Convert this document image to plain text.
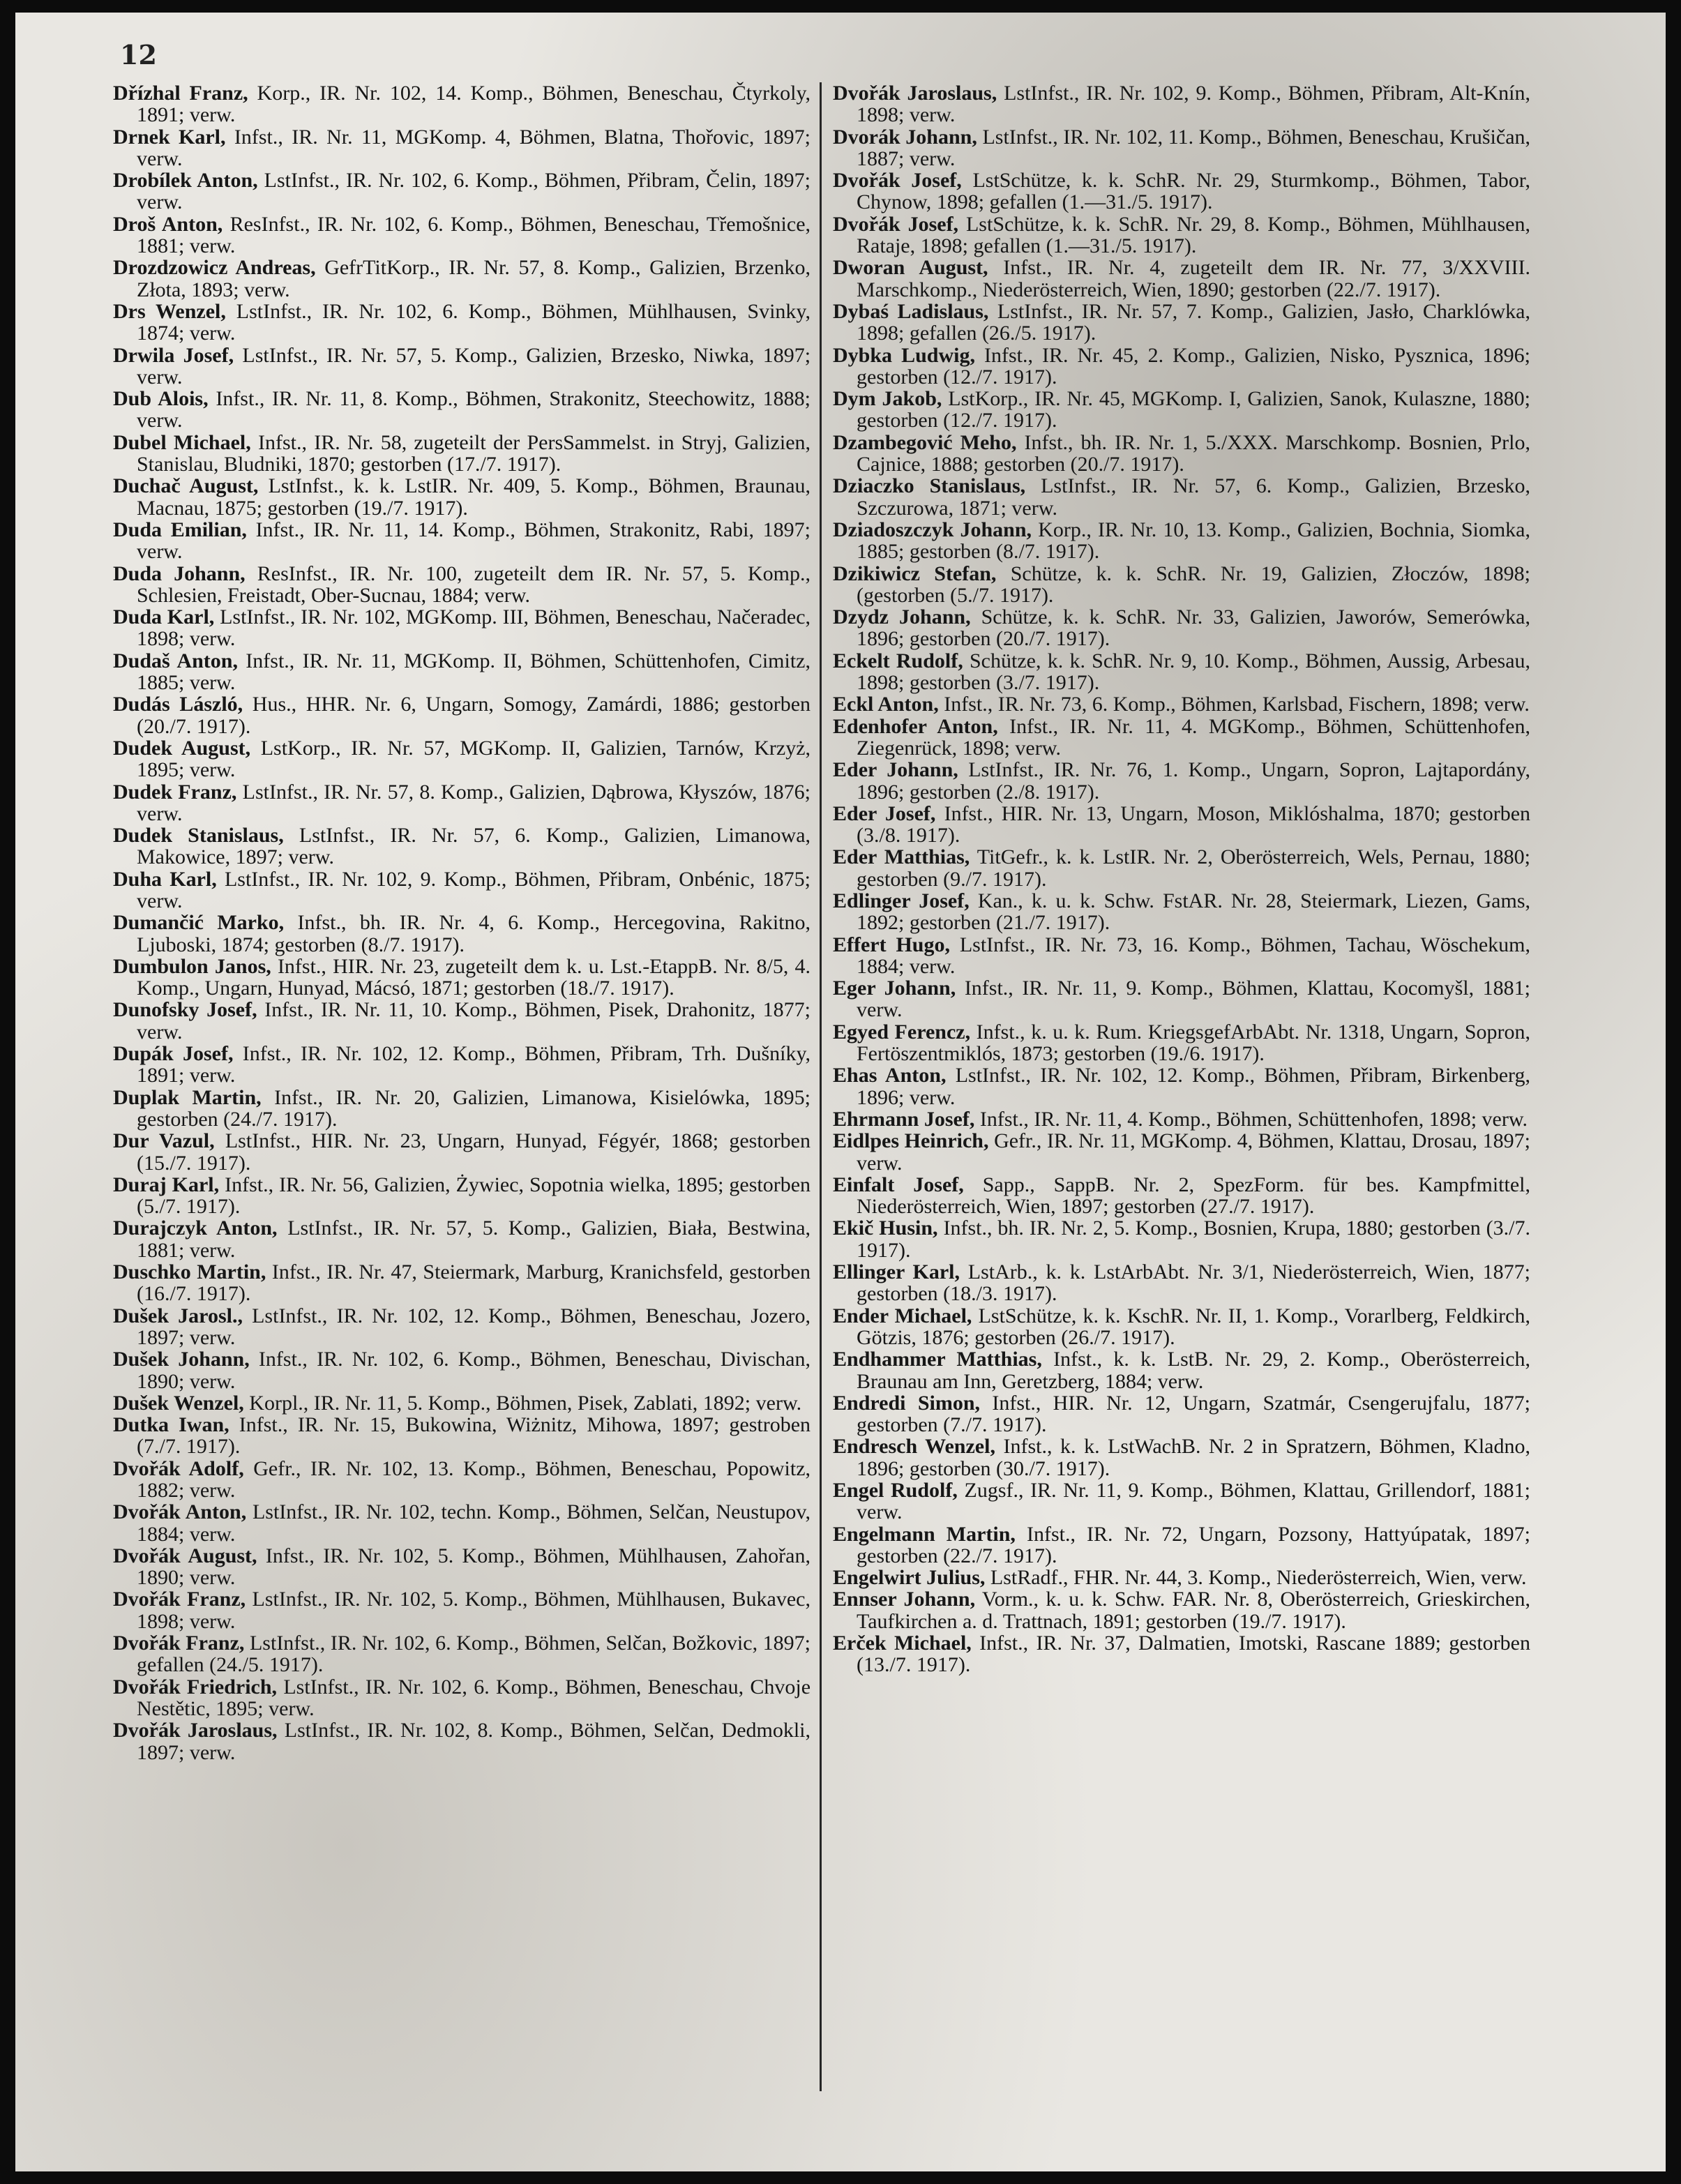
12

Dřízhal Franz, Korp., IR. Nr. 102, 14. Komp., Böhmen, Beneschau, Čtyrkoly, 1891; verw.

Drnek Karl, Infst., IR. Nr. 11, MGKomp. 4, Böhmen, Blatna, Thořovic, 1897; verw.

Drobílek Anton, LstInfst., IR. Nr. 102, 6. Komp., Böhmen, Přibram, Čelin, 1897; verw.

Droš Anton, ResInfst., IR. Nr. 102, 6. Komp., Böhmen, Beneschau, Třemošnice, 1881; verw.

Drozdzowicz Andreas, GefrTitKorp., IR. Nr. 57, 8. Komp., Galizien, Brzenko, Złota, 1893; verw.

Drs Wenzel, LstInfst., IR. Nr. 102, 6. Komp., Böhmen, Mühlhausen, Svinky, 1874; verw.

Drwila Josef, LstInfst., IR. Nr. 57, 5. Komp., Galizien, Brzesko, Niwka, 1897; verw.

Dub Alois, Infst., IR. Nr. 11, 8. Komp., Böhmen, Strakonitz, Steechowitz, 1888; verw.

Dubel Michael, Infst., IR. Nr. 58, zugeteilt der PersSammelst. in Stryj, Galizien, Stanislau, Bludniki, 1870; gestorben (17./7. 1917).

Duchač August, LstInfst., k. k. LstIR. Nr. 409, 5. Komp., Böhmen, Braunau, Macnau, 1875; gestorben (19./7. 1917).

Duda Emilian, Infst., IR. Nr. 11, 14. Komp., Böhmen, Strakonitz, Rabi, 1897; verw.

Duda Johann, ResInfst., IR. Nr. 100, zugeteilt dem IR. Nr. 57, 5. Komp., Schlesien, Freistadt, Ober-Sucnau, 1884; verw.

Duda Karl, LstInfst., IR. Nr. 102, MGKomp. III, Böhmen, Beneschau, Načeradec, 1898; verw.

Dudaš Anton, Infst., IR. Nr. 11, MGKomp. II, Böhmen, Schüttenhofen, Cimitz, 1885; verw.

Dudás László, Hus., HHR. Nr. 6, Ungarn, Somogy, Zamárdi, 1886; gestorben (20./7. 1917).

Dudek August, LstKorp., IR. Nr. 57, MGKomp. II, Galizien, Tarnów, Krzyż, 1895; verw.

Dudek Franz, LstInfst., IR. Nr. 57, 8. Komp., Galizien, Dąbrowa, Kłyszów, 1876; verw.

Dudek Stanislaus, LstInfst., IR. Nr. 57, 6. Komp., Galizien, Limanowa, Makowice, 1897; verw.

Duha Karl, LstInfst., IR. Nr. 102, 9. Komp., Böhmen, Přibram, Onbénic, 1875; verw.

Dumančić Marko, Infst., bh. IR. Nr. 4, 6. Komp., Hercegovina, Rakitno, Ljuboski, 1874; gestorben (8./7. 1917).

Dumbulon Janos, Infst., HIR. Nr. 23, zugeteilt dem k. u. Lst.-EtappB. Nr. 8/5, 4. Komp., Ungarn, Hunyad, Mácsó, 1871; gestorben (18./7. 1917).

Dunofsky Josef, Infst., IR. Nr. 11, 10. Komp., Böhmen, Pisek, Drahonitz, 1877; verw.

Dupák Josef, Infst., IR. Nr. 102, 12. Komp., Böhmen, Přibram, Trh. Dušníky, 1891; verw.

Duplak Martin, Infst., IR. Nr. 20, Galizien, Limanowa, Kisielówka, 1895; gestorben (24./7. 1917).

Dur Vazul, LstInfst., HIR. Nr. 23, Ungarn, Hunyad, Fégyér, 1868; gestorben (15./7. 1917).

Duraj Karl, Infst., IR. Nr. 56, Galizien, Żywiec, Sopotnia wielka, 1895; gestorben (5./7. 1917).

Durajczyk Anton, LstInfst., IR. Nr. 57, 5. Komp., Galizien, Biała, Bestwina, 1881; verw.

Duschko Martin, Infst., IR. Nr. 47, Steiermark, Marburg, Kranichsfeld, gestorben (16./7. 1917).

Dušek Jarosl., LstInfst., IR. Nr. 102, 12. Komp., Böhmen, Beneschau, Jozero, 1897; verw.

Dušek Johann, Infst., IR. Nr. 102, 6. Komp., Böhmen, Beneschau, Divischan, 1890; verw.

Dušek Wenzel, Korpl., IR. Nr. 11, 5. Komp., Böhmen, Pisek, Zablati, 1892; verw.

Dutka Iwan, Infst., IR. Nr. 15, Bukowina, Wiżnitz, Mihowa, 1897; gestroben (7./7. 1917).

Dvořák Adolf, Gefr., IR. Nr. 102, 13. Komp., Böhmen, Beneschau, Popowitz, 1882; verw.

Dvořák Anton, LstInfst., IR. Nr. 102, techn. Komp., Böhmen, Selčan, Neustupov, 1884; verw.

Dvořák August, Infst., IR. Nr. 102, 5. Komp., Böhmen, Mühlhausen, Zahořan, 1890; verw.

Dvořák Franz, LstInfst., IR. Nr. 102, 5. Komp., Böhmen, Mühlhausen, Bukavec, 1898; verw.

Dvořák Franz, LstInfst., IR. Nr. 102, 6. Komp., Böhmen, Selčan, Božkovic, 1897; gefallen (24./5. 1917).

Dvořák Friedrich, LstInfst., IR. Nr. 102, 6. Komp., Böhmen, Beneschau, Chvoje Nestětic, 1895; verw.

Dvořák Jaroslaus, LstInfst., IR. Nr. 102, 8. Komp., Böhmen, Selčan, Dedmokli, 1897; verw.

Dvořák Jaroslaus, LstInfst., IR. Nr. 102, 9. Komp., Böhmen, Přibram, Alt-Knín, 1898; verw.

Dvorák Johann, LstInfst., IR. Nr. 102, 11. Komp., Böhmen, Beneschau, Krušičan, 1887; verw.

Dvořák Josef, LstSchütze, k. k. SchR. Nr. 29, Sturmkomp., Böhmen, Tabor, Chynow, 1898; gefallen (1.—31./5. 1917).

Dvořák Josef, LstSchütze, k. k. SchR. Nr. 29, 8. Komp., Böhmen, Mühlhausen, Rataje, 1898; gefallen (1.—31./5. 1917).

Dworan August, Infst., IR. Nr. 4, zugeteilt dem IR. Nr. 77, 3/XXVIII. Marschkomp., Niederösterreich, Wien, 1890; gestorben (22./7. 1917).

Dybaś Ladislaus, LstInfst., IR. Nr. 57, 7. Komp., Galizien, Jasło, Charklówka, 1898; gefallen (26./5. 1917).

Dybka Ludwig, Infst., IR. Nr. 45, 2. Komp., Galizien, Nisko, Pysznica, 1896; gestorben (12./7. 1917).

Dym Jakob, LstKorp., IR. Nr. 45, MGKomp. I, Galizien, Sanok, Kulaszne, 1880; gestorben (12./7. 1917).

Dzambegović Meho, Infst., bh. IR. Nr. 1, 5./XXX. Marschkomp. Bosnien, Prlo, Cajnice, 1888; gestorben (20./7. 1917).

Dziaczko Stanislaus, LstInfst., IR. Nr. 57, 6. Komp., Galizien, Brzesko, Szczurowa, 1871; verw.

Dziadoszczyk Johann, Korp., IR. Nr. 10, 13. Komp., Galizien, Bochnia, Siomka, 1885; gestorben (8./7. 1917).

Dzikiwicz Stefan, Schütze, k. k. SchR. Nr. 19, Galizien, Złoczów, 1898; (gestorben (5./7. 1917).

Dzydz Johann, Schütze, k. k. SchR. Nr. 33, Galizien, Jaworów, Semerówka, 1896; gestorben (20./7. 1917).

Eckelt Rudolf, Schütze, k. k. SchR. Nr. 9, 10. Komp., Böhmen, Aussig, Arbesau, 1898; gestorben (3./7. 1917).

Eckl Anton, Infst., IR. Nr. 73, 6. Komp., Böhmen, Karlsbad, Fischern, 1898; verw.

Edenhofer Anton, Infst., IR. Nr. 11, 4. MGKomp., Böhmen, Schüttenhofen, Ziegenrück, 1898; verw.

Eder Johann, LstInfst., IR. Nr. 76, 1. Komp., Ungarn, Sopron, Lajtapordány, 1896; gestorben (2./8. 1917).

Eder Josef, Infst., HIR. Nr. 13, Ungarn, Moson, Miklóshalma, 1870; gestorben (3./8. 1917).

Eder Matthias, TitGefr., k. k. LstIR. Nr. 2, Oberösterreich, Wels, Pernau, 1880; gestorben (9./7. 1917).

Edlinger Josef, Kan., k. u. k. Schw. FstAR. Nr. 28, Steiermark, Liezen, Gams, 1892; gestorben (21./7. 1917).

Effert Hugo, LstInfst., IR. Nr. 73, 16. Komp., Böhmen, Tachau, Wöschekum, 1884; verw.

Eger Johann, Infst., IR. Nr. 11, 9. Komp., Böhmen, Klattau, Kocomyšl, 1881; verw.

Egyed Ferencz, Infst., k. u. k. Rum. KriegsgefArbAbt. Nr. 1318, Ungarn, Sopron, Fertöszentmiklós, 1873; gestorben (19./6. 1917).

Ehas Anton, LstInfst., IR. Nr. 102, 12. Komp., Böhmen, Přibram, Birkenberg, 1896; verw.

Ehrmann Josef, Infst., IR. Nr. 11, 4. Komp., Böhmen, Schüttenhofen, 1898; verw.

Eidlpes Heinrich, Gefr., IR. Nr. 11, MGKomp. 4, Böhmen, Klattau, Drosau, 1897; verw.

Einfalt Josef, Sapp., SappB. Nr. 2, SpezForm. für bes. Kampfmittel, Niederösterreich, Wien, 1897; gestorben (27./7. 1917).

Ekič Husin, Infst., bh. IR. Nr. 2, 5. Komp., Bosnien, Krupa, 1880; gestorben (3./7. 1917).

Ellinger Karl, LstArb., k. k. LstArbAbt. Nr. 3/1, Niederösterreich, Wien, 1877; gestorben (18./3. 1917).

Ender Michael, LstSchütze, k. k. KschR. Nr. II, 1. Komp., Vorarlberg, Feldkirch, Götzis, 1876; gestorben (26./7. 1917).

Endhammer Matthias, Infst., k. k. LstB. Nr. 29, 2. Komp., Oberösterreich, Braunau am Inn, Geretzberg, 1884; verw.

Endredi Simon, Infst., HIR. Nr. 12, Ungarn, Szatmár, Csengerujfalu, 1877; gestorben (7./7. 1917).

Endresch Wenzel, Infst., k. k. LstWachB. Nr. 2 in Spratzern, Böhmen, Kladno, 1896; gestorben (30./7. 1917).

Engel Rudolf, Zugsf., IR. Nr. 11, 9. Komp., Böhmen, Klattau, Grillendorf, 1881; verw.

Engelmann Martin, Infst., IR. Nr. 72, Ungarn, Pozsony, Hattyúpatak, 1897; gestorben (22./7. 1917).

Engelwirt Julius, LstRadf., FHR. Nr. 44, 3. Komp., Niederösterreich, Wien, verw.

Ennser Johann, Vorm., k. u. k. Schw. FAR. Nr. 8, Oberösterreich, Grieskirchen, Taufkirchen a. d. Trattnach, 1891; gestorben (19./7. 1917).

Erček Michael, Infst., IR. Nr. 37, Dalmatien, Imotski, Rascane 1889; gestorben (13./7. 1917).
